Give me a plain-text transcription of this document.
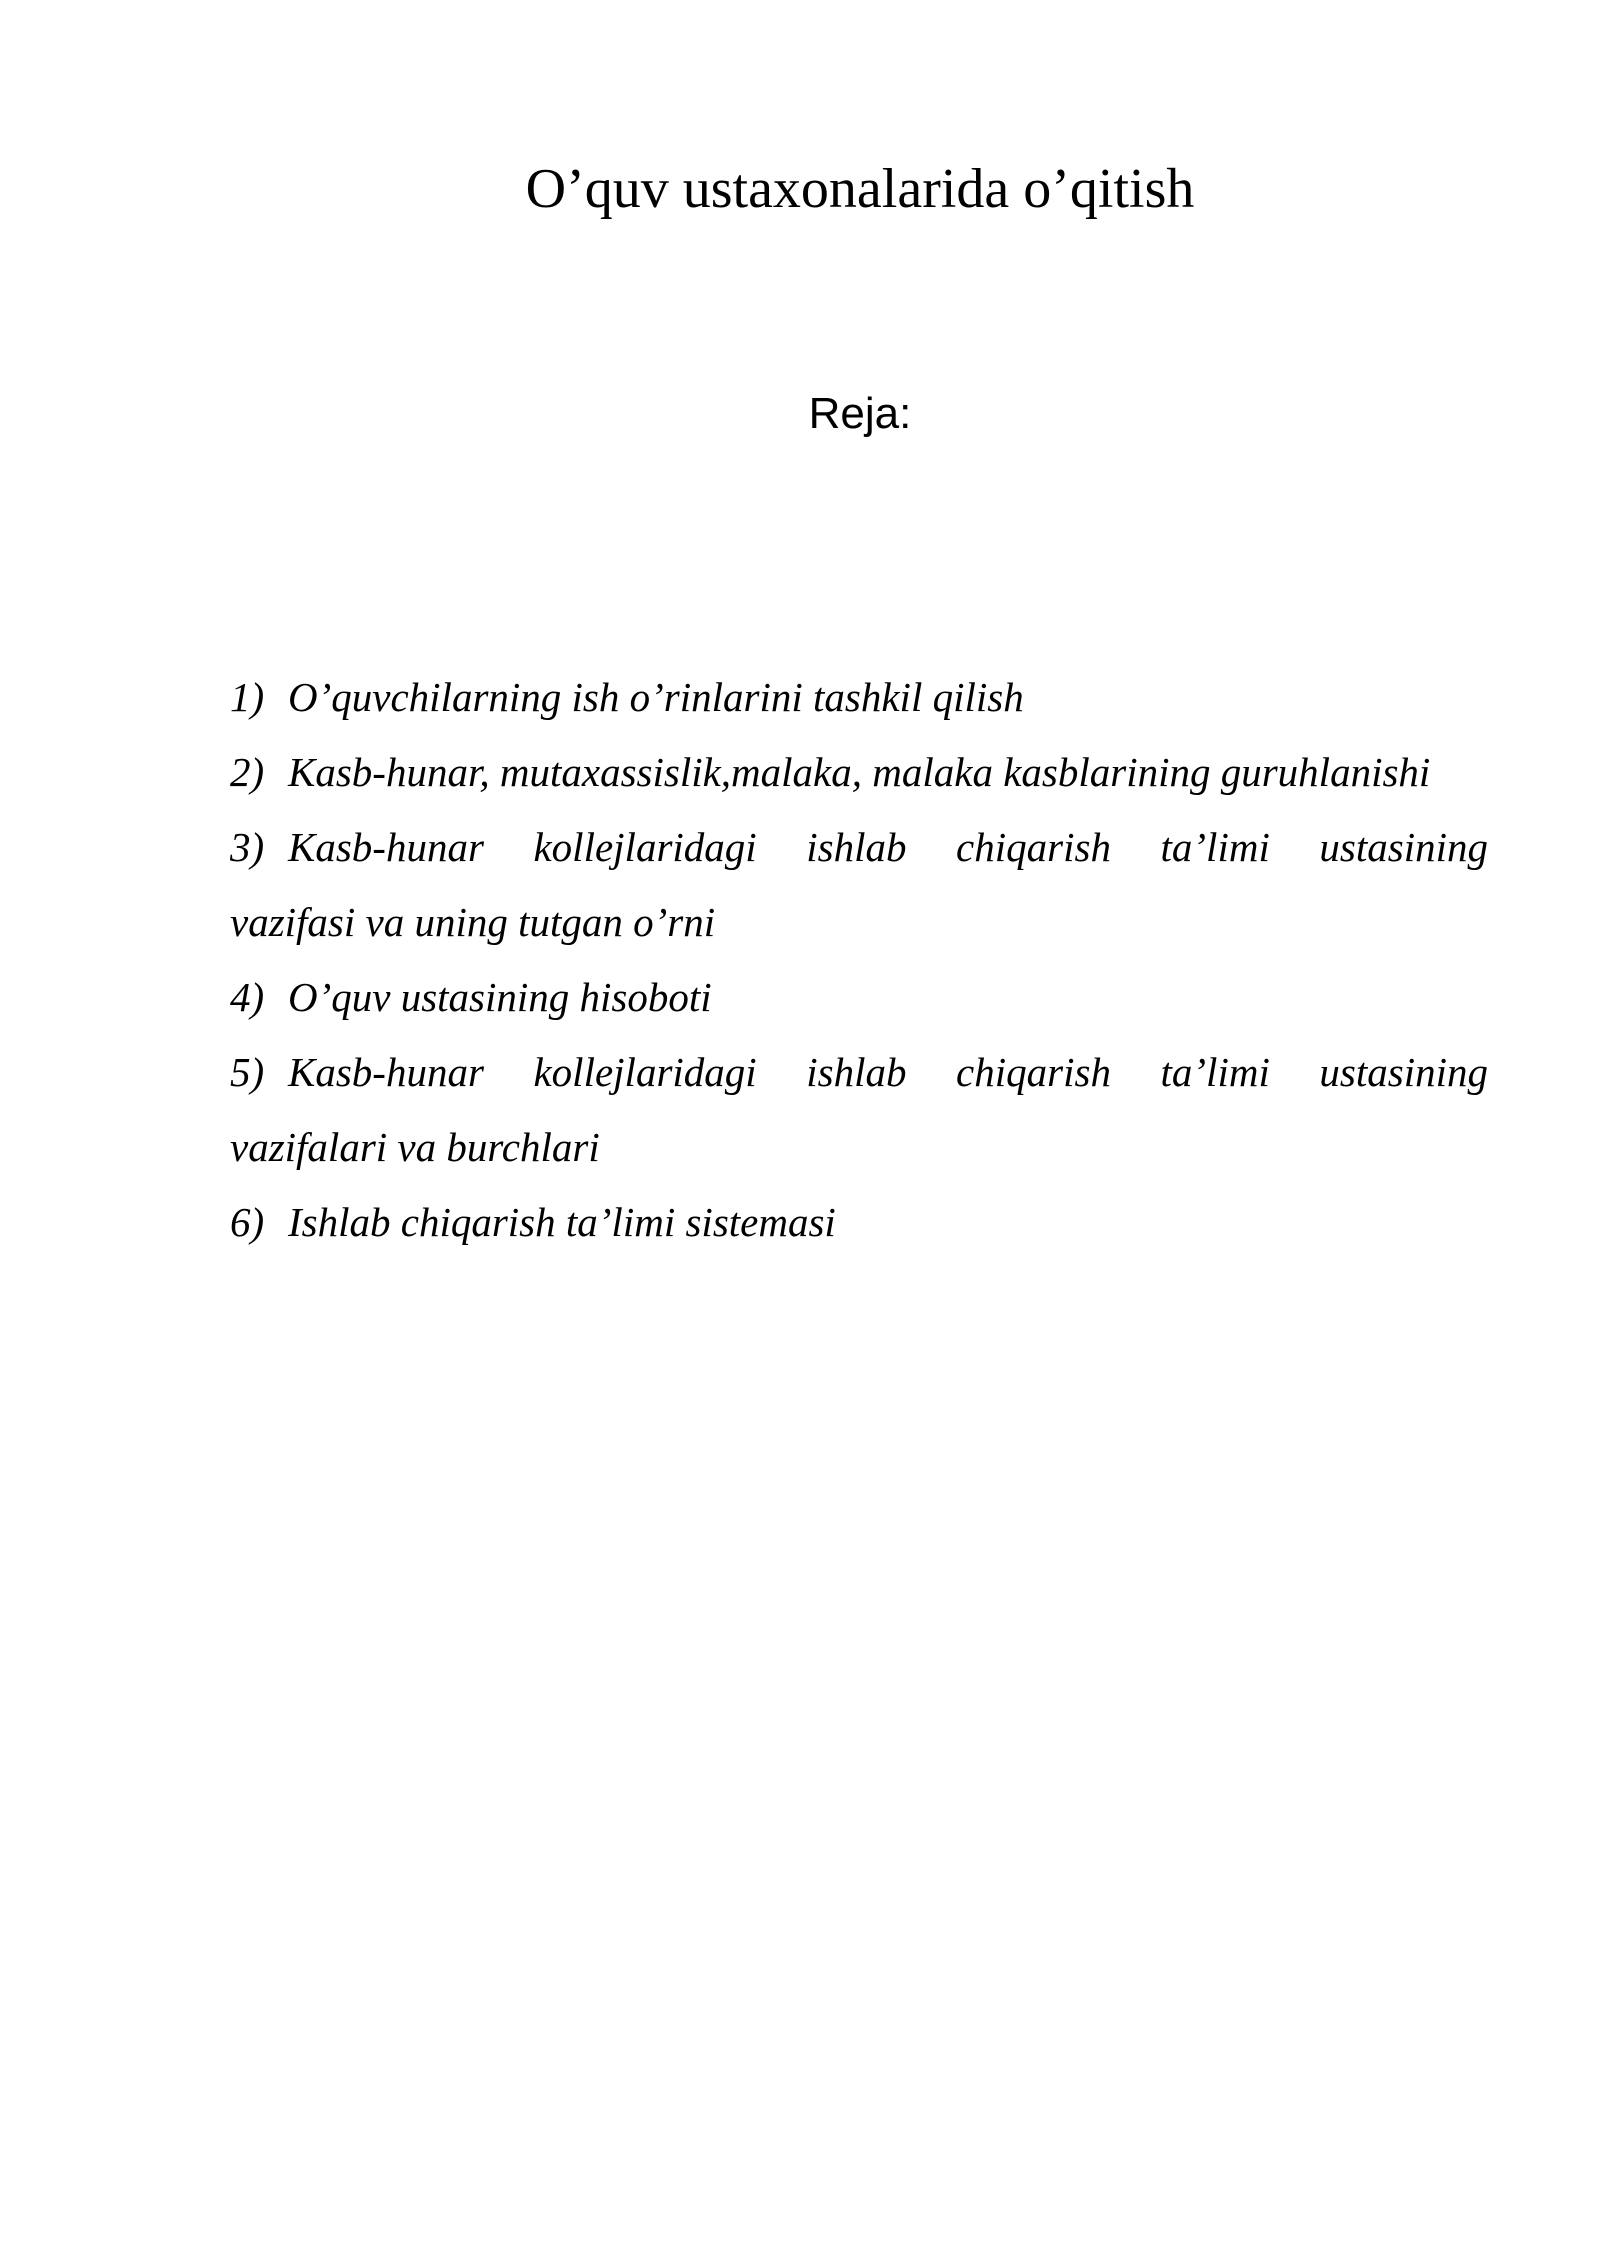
O’quv ustaxonalarida o’qitish
Reja:
1) O’quvchilarning ish o’rinlarini tashkil qilish
2) Kasb-hunar, mutaxassislik,malaka, malaka kasblarining guruhlanishi
3) Kasb-hunar kollejlaridagi ishlab chiqarish ta’limi ustasining
vazifasi va uning tutgan o’rni
4) O’quv ustasining hisoboti
5) Kasb-hunar kollejlaridagi ishlab chiqarish ta’limi ustasining
vazifalari va burchlari
6) Ishlab chiqarish ta’limi sistemasi
